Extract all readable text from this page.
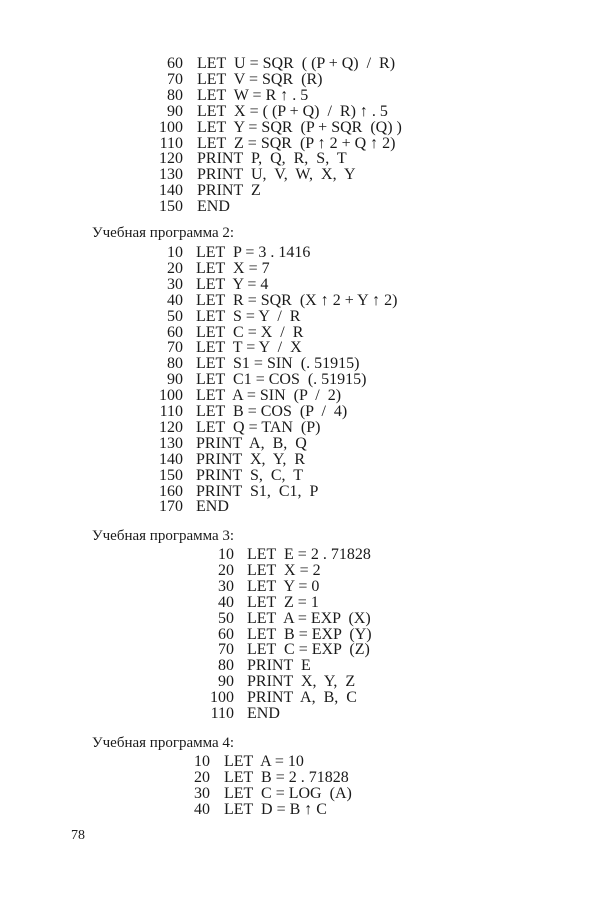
Учебная программа 2:
Учебная программа 3:
Учебная программа 4:
78
60 LET  U = SQR  ( (P + Q)  /  R)
70 LET  V = SQR  (R)
80 LET  W = R ↑ . 5
90 LET  X = ( (P + Q)  /  R) ↑ . 5
100 LET  Y = SQR  (P + SQR  (Q) )
110 LET  Z = SQR  (P ↑ 2 + Q ↑ 2)
120 PRINT  P,  Q,  R,  S,  T
130 PRINT  U,  V,  W,  X,  Y
140 PRINT  Z
150 END
10 LET  P = 3 . 1416
20 LET  X = 7
30 LET  Y = 4
40 LET  R = SQR  (X ↑ 2 + Y ↑ 2)
50 LET  S = Y  /  R
60 LET  C = X  /  R
70 LET  T = Y  /  X
80 LET  S1 = SIN  (. 51915)
90 LET  C1 = COS  (. 51915)
100 LET  A = SIN  (P  /  2)
110 LET  B = COS  (P  /  4)
120 LET  Q = TAN  (P)
130 PRINT  A,  B,  Q
140 PRINT  X,  Y,  R
150 PRINT  S,  C,  T
160 PRINT  S1,  C1,  P
170 END
10 LET  E = 2 . 71828
20 LET  X = 2
30 LET  Y = 0
40 LET  Z = 1
50 LET  A = EXP  (X)
60 LET  B = EXP  (Y)
70 LET  C = EXP  (Z)
80 PRINT  E
90 PRINT  X,  Y,  Z
100 PRINT  A,  B,  C
110 END
10 LET  A = 10
20 LET  B = 2 . 71828
30 LET  C = LOG  (A)
40 LET  D = B ↑ C
